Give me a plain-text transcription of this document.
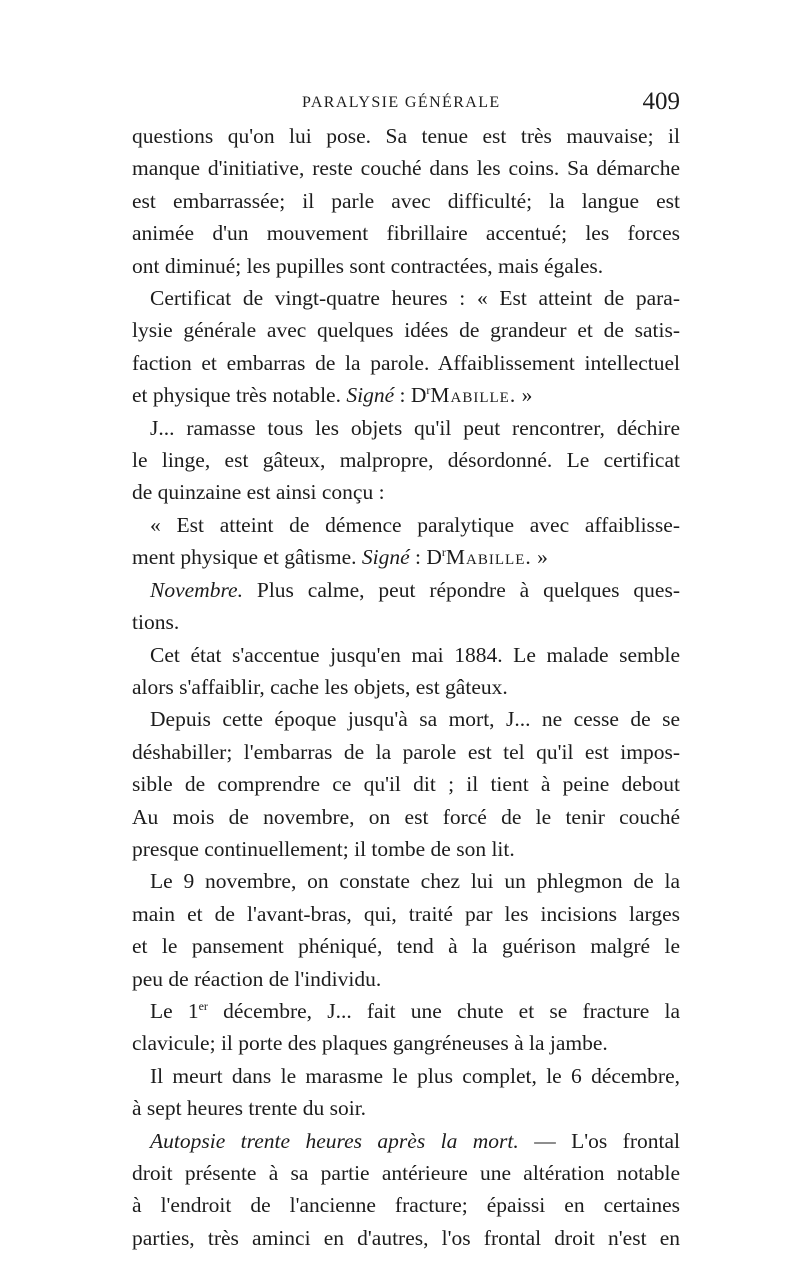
PARALYSIE GÉNÉRALE	409
questions qu'on lui pose. Sa tenue est très mauvaise; il
manque d'initiative, reste couché dans les coins. Sa démarche
est embarrassée; il parle avec difficulté; la langue est
animée d'un mouvement fibrillaire accentué; les forces
ont diminué; les pupilles sont contractées, mais égales.
Certificat de vingt-quatre heures : « Est atteint de para-
lysie générale avec quelques idées de grandeur et de satis-
faction et embarras de la parole. Affaiblissement intellectuel
et physique très notable. Signé : $D^rMabille$. »
J... ramasse tous les objets qu'il peut rencontrer, déchire
le linge, est gâteux, malpropre, désordonné. Le certificat
de quinzaine est ainsi conçu :
« Est atteint de démence paralytique avec affaiblisse-
ment physique et gâtisme. Signé : $D^rMabille$. »
Novembre. Plus calme, peut répondre à quelques ques-
tions.
Cet état s'accentue jusqu'en mai 1884. Le malade semble
alors s'affaiblir, cache les objets, est gâteux.
Depuis cette époque jusqu'à sa mort, J... ne cesse de se
déshabiller; l'embarras de la parole est tel qu'il est impos-
sible de comprendre ce qu'il dit ; il tient à peine debout
Au mois de novembre, on est forcé de le tenir couché
presque continuellement; il tombe de son lit.
Le 9 novembre, on constate chez lui un phlegmon de la
main et de l'avant-bras, qui, traité par les incisions larges
et le pansement phéniqué, tend à la guérison malgré le
peu de réaction de l'individu.
Le 1er décembre, J... fait une chute et se fracture la
clavicule; il porte des plaques gangréneuses à la jambe.
Il meurt dans le marasme le plus complet, le 6 décembre,
à sept heures trente du soir.
Autopsie trente heures après la mort. — L'os frontal
droit présente à sa partie antérieure une altération notable
à l'endroit de l'ancienne fracture; épaissi en certaines
parties, très aminci en d'autres, l'os frontal droit n'est en
